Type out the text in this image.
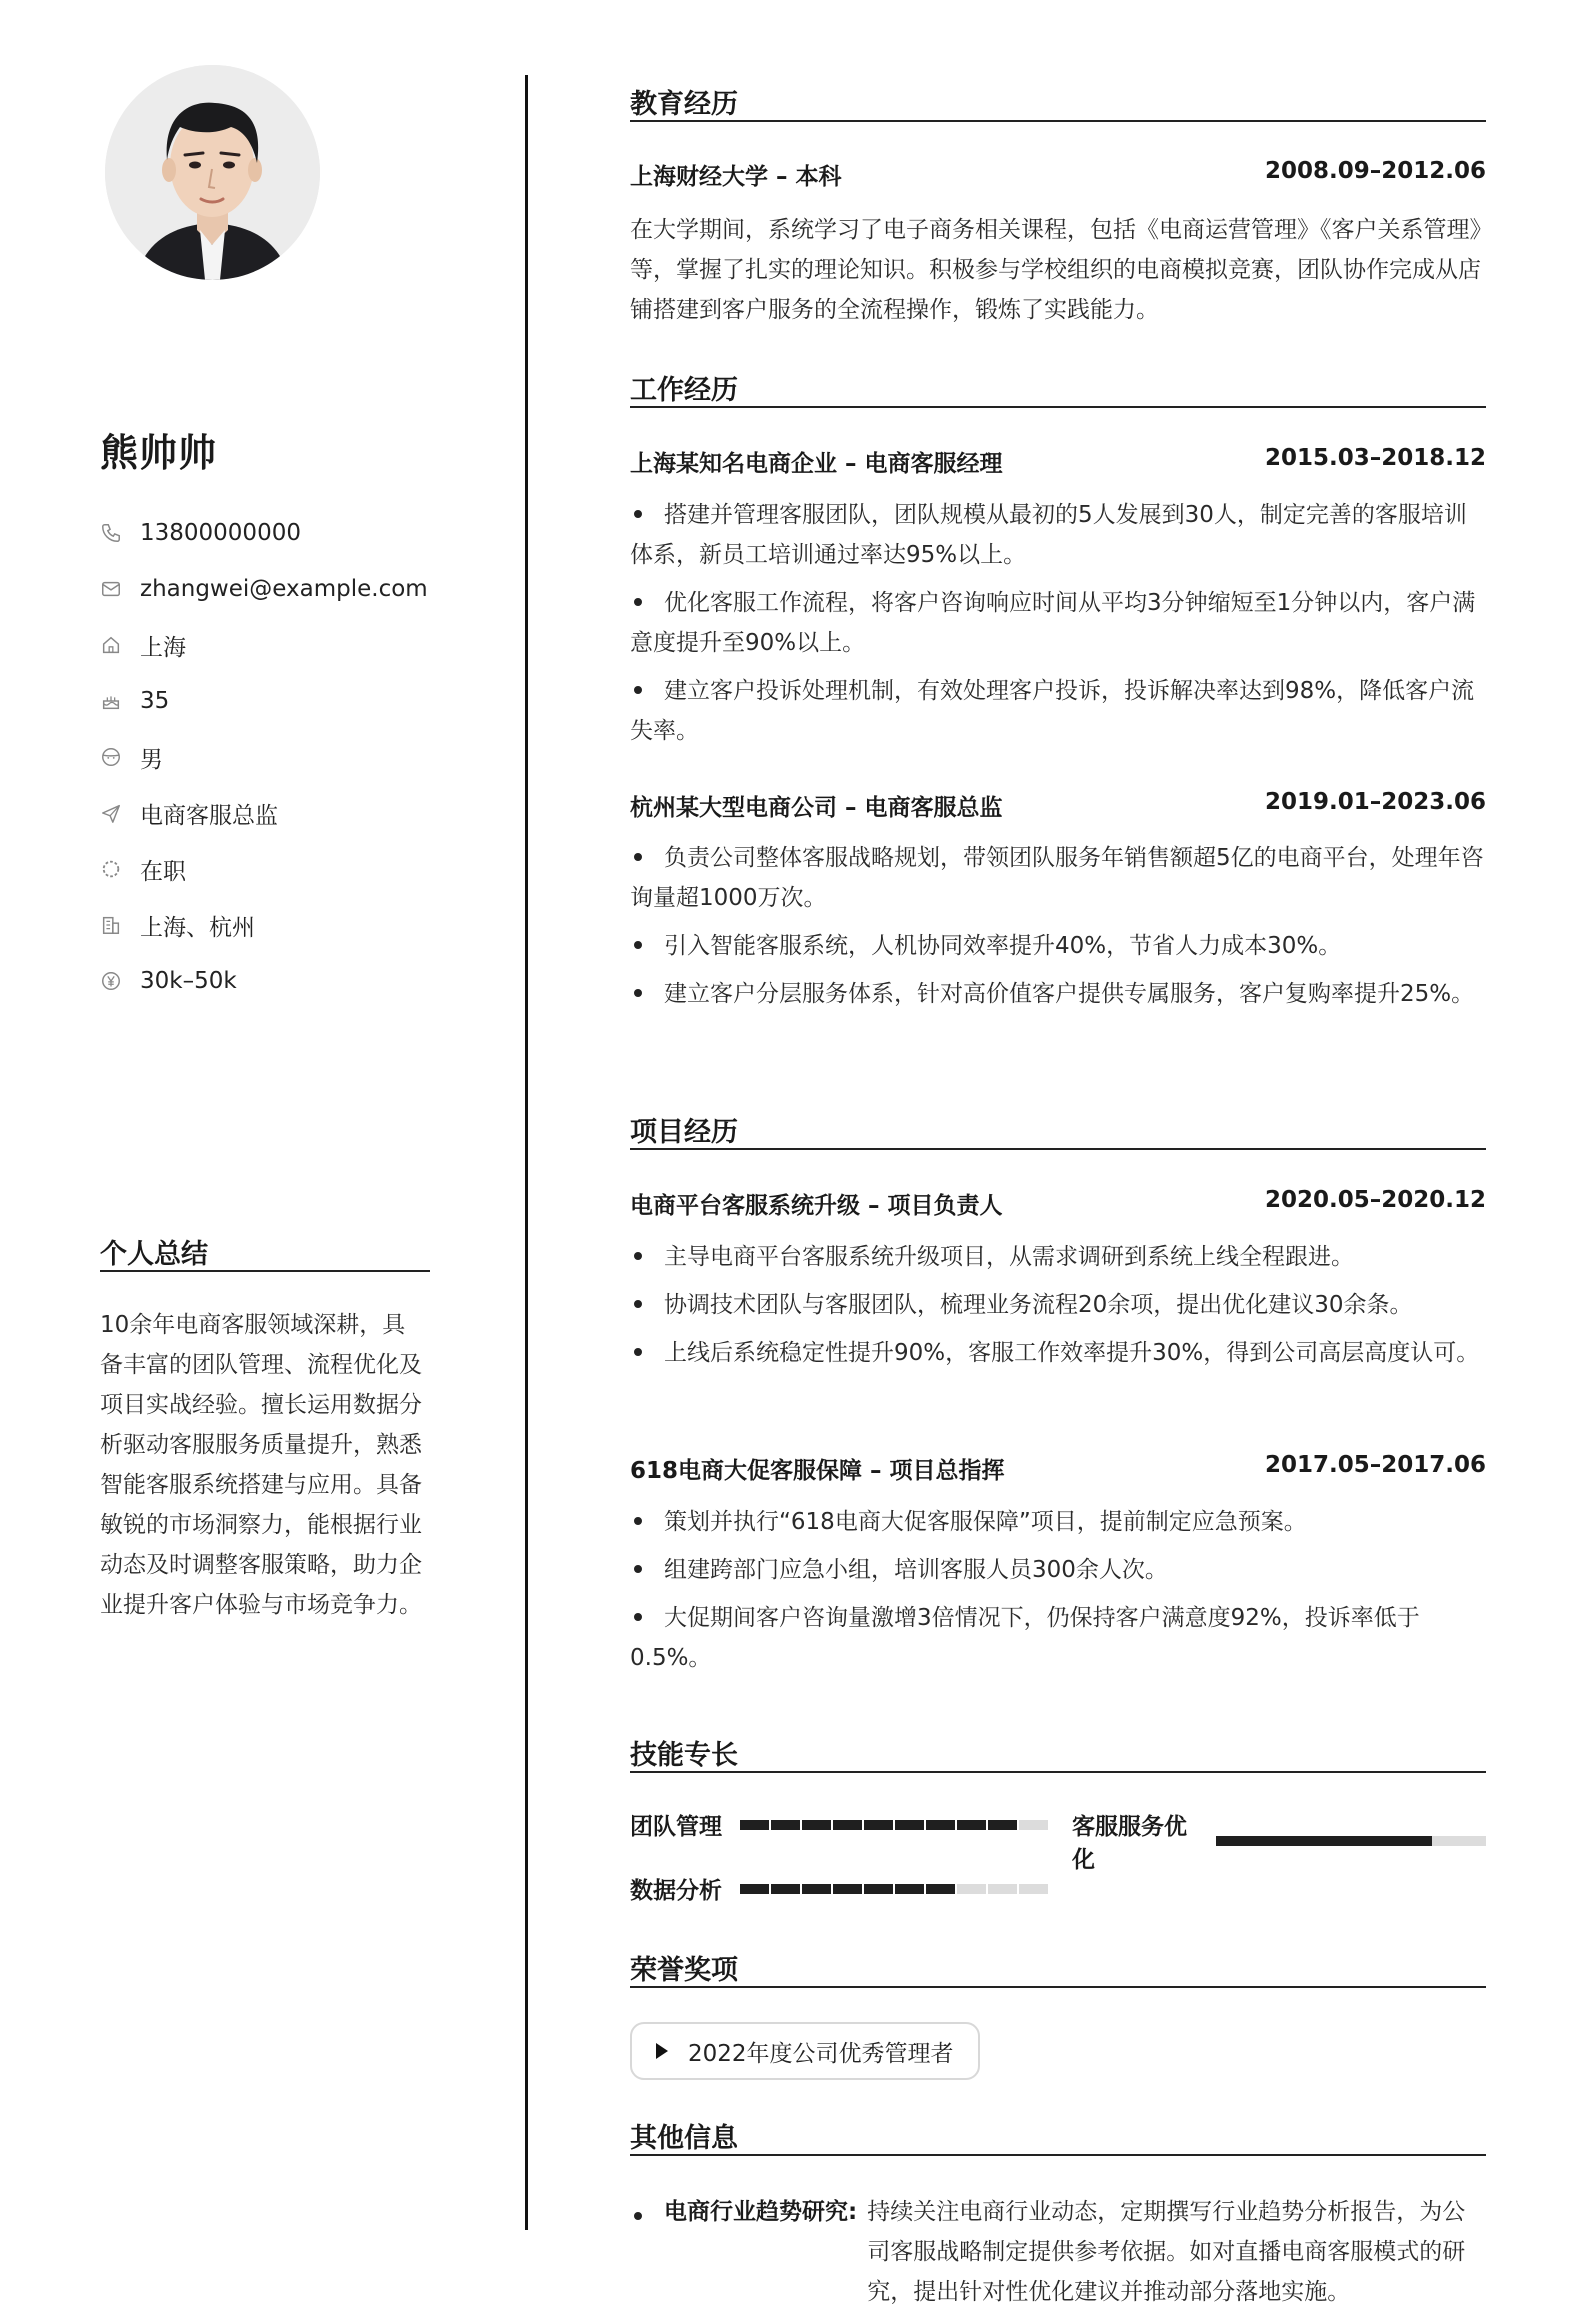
熊帅帅
13800000000
zhangwei@example.com
上海
35
男
电商客服总监
在职
上海、杭州
30k–50k
个人总结
10余年电商客服领域深耕，具备丰富的团队管理、流程优化及项目实战经验。擅长运用数据分析驱动客服服务质量提升，熟悉智能客服系统搭建与应用。具备敏锐的市场洞察力，能根据行业动态及时调整客服策略，助力企业提升客户体验与市场竞争力。
教育经历
上海财经大学 – 本科	2008.09–2012.06
在大学期间，系统学习了电子商务相关课程，包括《电商运营管理》《客户关系管理》等，掌握了扎实的理论知识。积极参与学校组织的电商模拟竞赛，团队协作完成从店铺搭建到客户服务的全流程操作，锻炼了实践能力。
工作经历
上海某知名电商企业 – 电商客服经理	2015.03–2018.12
搭建并管理客服团队，团队规模从最初的5人发展到30人，制定完善的客服培训体系，新员工培训通过率达95%以上。
优化客服工作流程，将客户咨询响应时间从平均3分钟缩短至1分钟以内，客户满意度提升至90%以上。
建立客户投诉处理机制，有效处理客户投诉，投诉解决率达到98%，降低客户流失率。
杭州某大型电商公司 – 电商客服总监	2019.01–2023.06
负责公司整体客服战略规划，带领团队服务年销售额超5亿的电商平台，处理年咨询量超1000万次。
引入智能客服系统，人机协同效率提升40%，节省人力成本30%。
建立客户分层服务体系，针对高价值客户提供专属服务，客户复购率提升25%。
项目经历
电商平台客服系统升级 – 项目负责人	2020.05–2020.12
主导电商平台客服系统升级项目，从需求调研到系统上线全程跟进。
协调技术团队与客服团队，梳理业务流程20余项，提出优化建议30余条。
上线后系统稳定性提升90%，客服工作效率提升30%，得到公司高层高度认可。
618电商大促客服保障 – 项目总指挥	2017.05–2017.06
策划并执行“618电商大促客服保障”项目，提前制定应急预案。
组建跨部门应急小组，培训客服人员300余人次。
大促期间客户咨询量激增3倍情况下，仍保持客户满意度92%，投诉率低于0.5%。
技能专长
团队管理	客服服务优化
数据分析
荣誉奖项
2022年度公司优秀管理者
其他信息
电商行业趋势研究: 持续关注电商行业动态，定期撰写行业趋势分析报告，为公司客服战略制定提供参考依据。如对直播电商客服模式的研究，提出针对性优化建议并推动部分落地实施。
